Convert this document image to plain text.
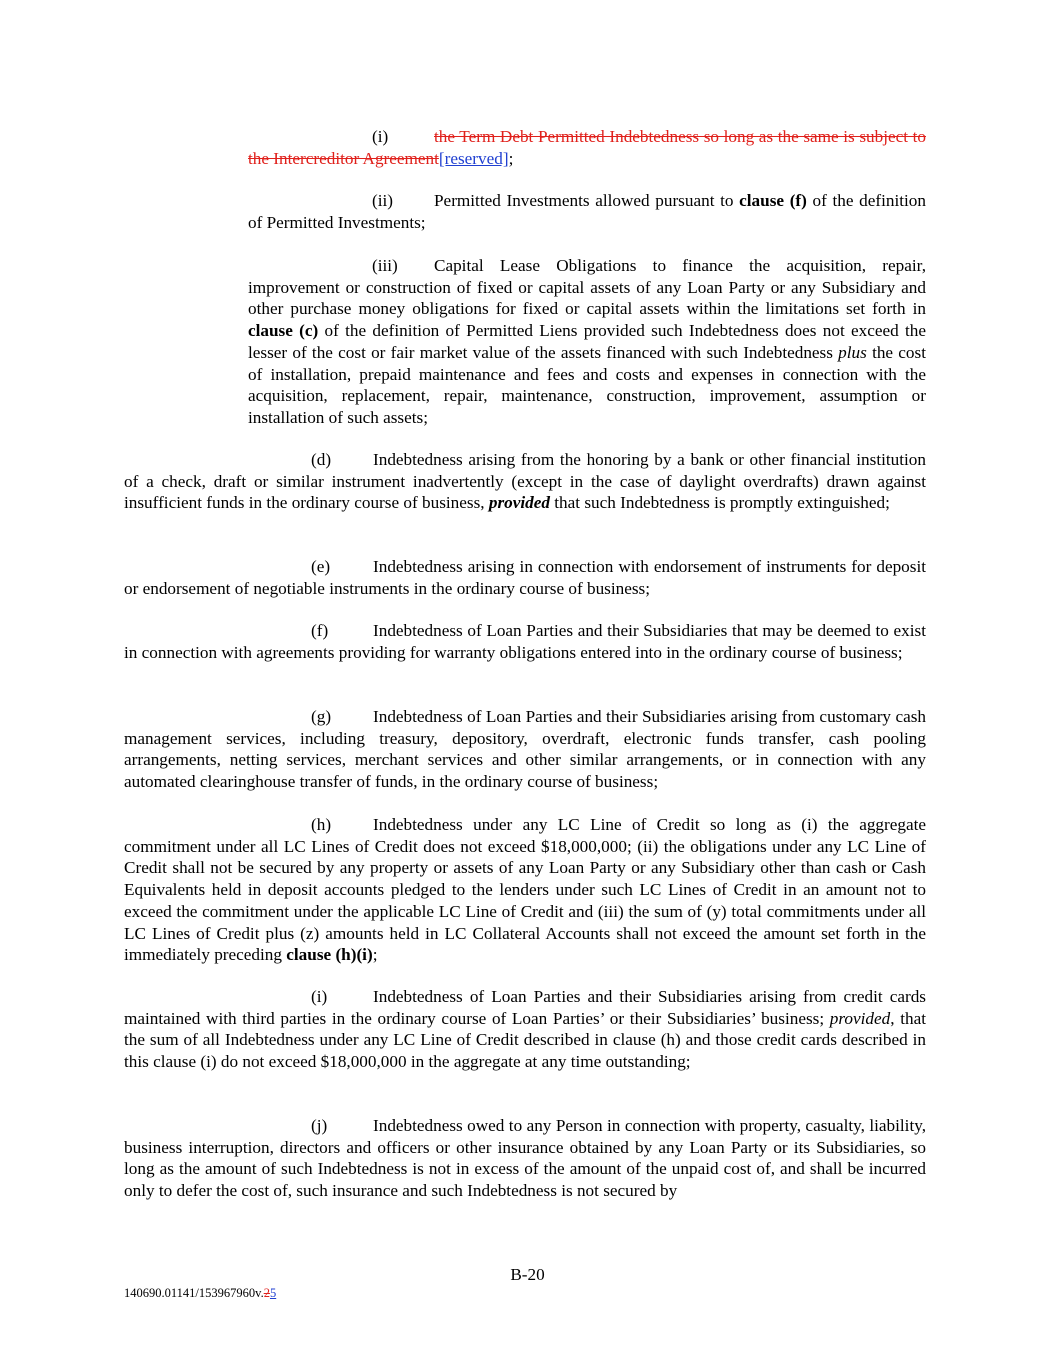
(i)	the Term Debt Permitted Indebtedness so long as the same is subject to the Intercreditor Agreement[reserved];

(ii) Permitted Investments allowed pursuant to clause (f) of the definition of Permitted Investments;

(iii) Capital Lease Obligations to finance the acquisition, repair, improvement or construction of fixed or capital assets of any Loan Party or any Subsidiary and other purchase money obligations for fixed or capital assets within the limitations set forth in clause (c) of the definition of Permitted Liens provided such Indebtedness does not exceed the lesser of the cost or fair market value of the assets financed with such Indebtedness plus the cost of installation, prepaid maintenance and fees and costs and expenses in connection with the acquisition, replacement, repair, maintenance, construction, improvement, assumption or installation of such assets;

(d) Indebtedness arising from the honoring by a bank or other financial institution of a check, draft or similar instrument inadvertently (except in the case of daylight overdrafts) drawn against insufficient funds in the ordinary course of business, provided that such Indebtedness is promptly extinguished;

(e) Indebtedness arising in connection with endorsement of instruments for deposit or endorsement of negotiable instruments in the ordinary course of business;

(f)	Indebtedness of Loan Parties and their Subsidiaries that may be deemed to exist in connection with agreements providing for warranty obligations entered into in the ordinary course of business;

(g) Indebtedness of Loan Parties and their Subsidiaries arising from customary cash management services, including treasury, depository, overdraft, electronic funds transfer, cash pooling arrangements, netting services, merchant services and other similar arrangements, or in connection with any automated clearinghouse transfer of funds, in the ordinary course of business;

(h) Indebtedness under any LC Line of Credit so long as (i) the aggregate commitment under all LC Lines of Credit does not exceed $18,000,000; (ii) the obligations under any LC Line of Credit shall not be secured by any property or assets of any Loan Party or any Subsidiary other than cash or Cash Equivalents held in deposit accounts pledged to the lenders under such LC Lines of Credit in an amount not to exceed the commitment under the applicable LC Line of Credit and (iii) the sum of (y) total commitments under all LC Lines of Credit plus (z) amounts held in LC Collateral Accounts shall not exceed the amount set forth in the immediately preceding clause (h)(i);

(i)	Indebtedness of Loan Parties and their Subsidiaries arising from credit cards maintained with third parties in the ordinary course of Loan Parties’ or their Subsidiaries’ business; provided, that the sum of all Indebtedness under any LC Line of Credit described in clause (h) and those credit cards described in this clause (i) do not exceed $18,000,000 in the aggregate at any time outstanding;

(j)	Indebtedness owed to any Person in connection with property, casualty, liability, business interruption, directors and officers or other insurance obtained by any Loan Party or its Subsidiaries, so long as the amount of such Indebtedness is not in excess of the amount of the unpaid cost of, and shall be incurred only to defer the cost of, such insurance and such Indebtedness is not secured by

B-20
140690.01141/153967960v.25
